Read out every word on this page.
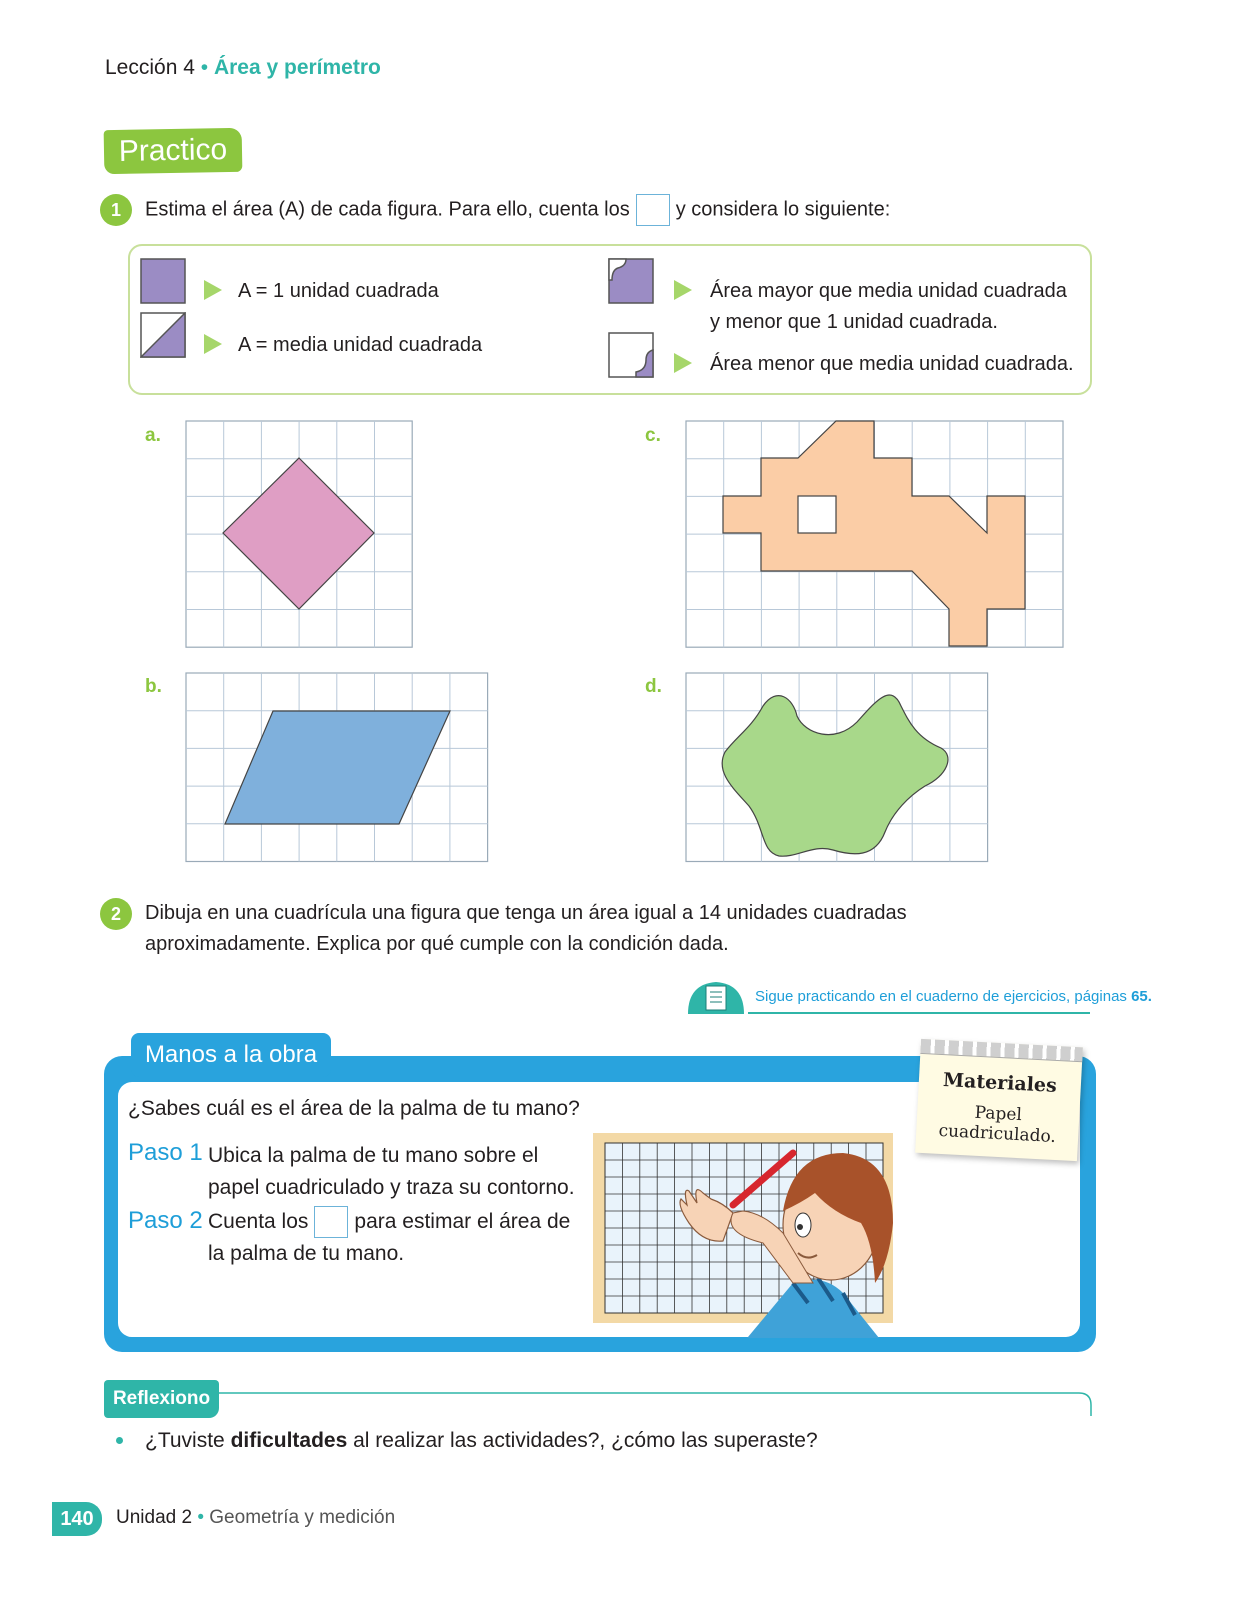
Lección 4 • Área y perímetro
Practico
1	Estima el área (A) de cada figura. Para ello, cuenta los y considera lo siguiente:
A = 1 unidad cuadrada
A = media unidad cuadrada
Área mayor que media unidad cuadrada
y menor que 1 unidad cuadrada.
Área menor que media unidad cuadrada.
a.	c.
b.	d.
2	Dibuja en una cuadrícula una figura que tenga un área igual a 14 unidades cuadradas
aproximadamente. Explica por qué cumple con la condición dada.
Sigue practicando en el cuaderno de ejercicios, páginas 65.
Manos a la obra
¿Sabes cuál es el área de la palma de tu mano?
Paso 1 Ubica la palma de tu mano sobre el
papel cuadriculado y traza su contorno.
Paso 2 Cuenta los para estimar el área de
la palma de tu mano.
Materiales
Papel cuadriculado.
Reflexiono
¿Tuviste dificultades al realizar las actividades?, ¿cómo las superaste?
140	Unidad 2 • Geometría y medición
